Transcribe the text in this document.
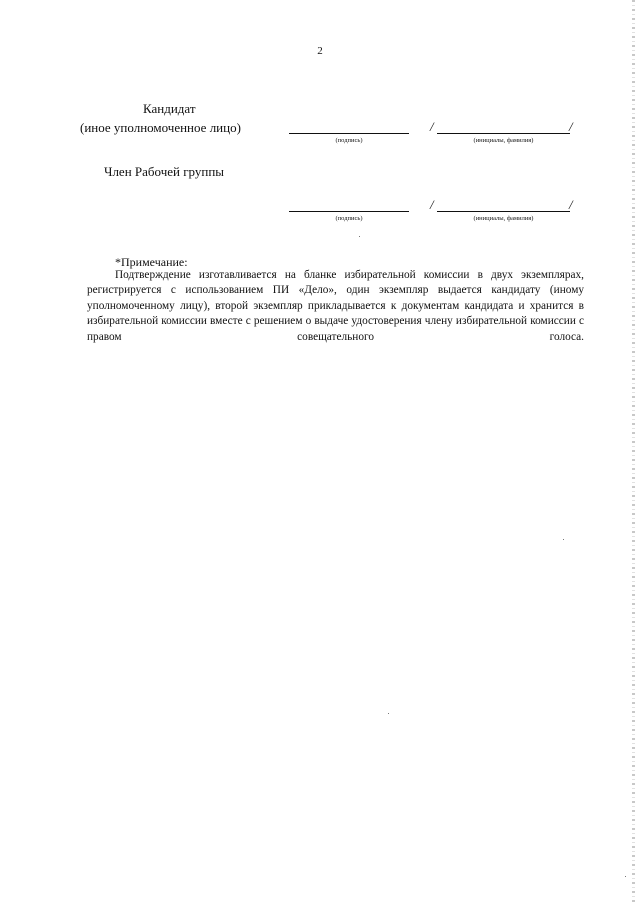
2
Кандидат
(иное уполномоченное лицо)
(подпись)
/	/
(инициалы, фамилия)
Член Рабочей группы
(подпись)
/	/
(инициалы, фамилия)
*Примечание:

Подтверждение изготавливается на бланке избирательной комиссии в двух экземплярах, регистрируется с использованием ПИ «Дело», один экземпляр выдается кандидату (иному уполномоченному лицу), второй экземпляр прикладывается к документам кандидата и хранится в избирательной комиссии вместе с решением о выдаче удостоверения члену избирательной комиссии с правом совещательного голоса.
